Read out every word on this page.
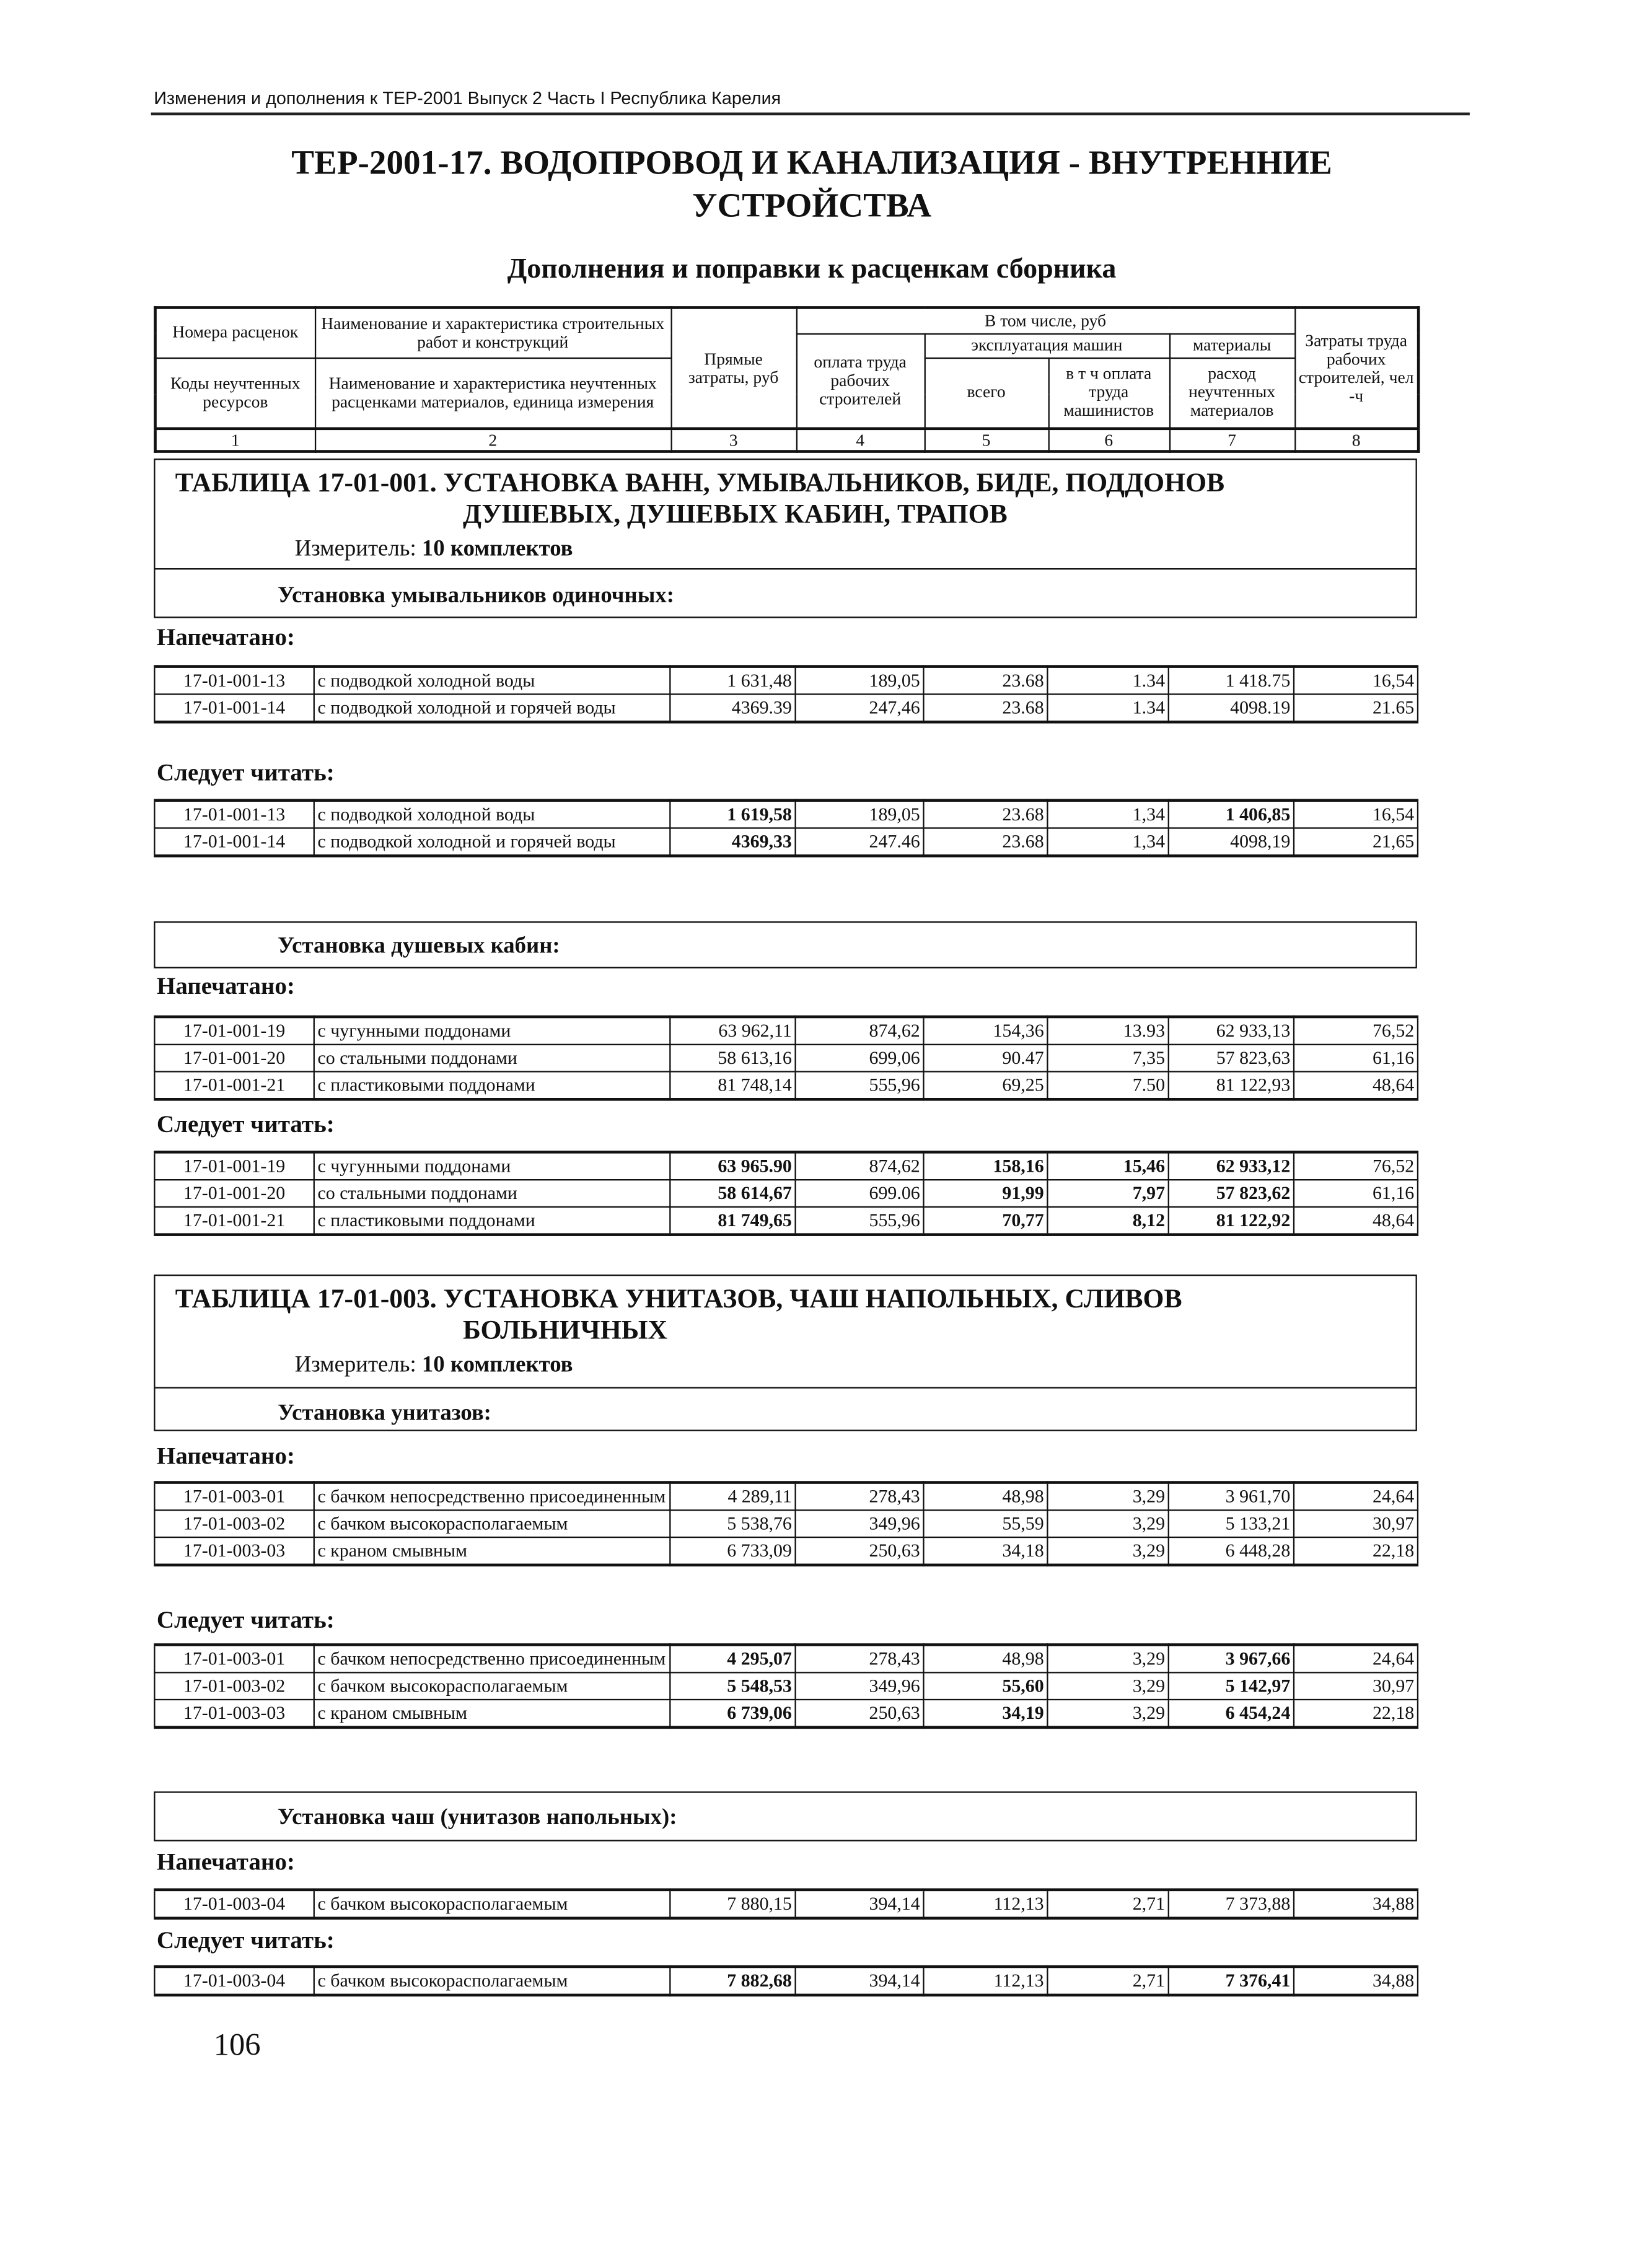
Изменения и дополнения к ТЕР-2001 Выпуск 2 Часть I Республика Карелия
ТЕР-2001-17. ВОДОПРОВОД И КАНАЛИЗАЦИЯ - ВНУТРЕННИЕ
УСТРОЙСТВА
Дополнения и поправки к расценкам сборника
Номера расценок	Наименование и характеристика строительных работ и конструкций	Прямые затраты, руб	В том числе, руб				Затраты труда рабочих строителей, чел -ч
			оплата труда рабочих строителей	эксплуатация машин		материалы	
Коды неучтенных ресурсов	Наименование и характеристика неучтенных расценками материалов, единица измерения			всего	в т ч оплата труда машинистов	расход неучтенных материалов	

1	2	3	4	5	6	7	8
ТАБЛИЦА 17-01-001. УСТАНОВКА ВАНН, УМЫВАЛЬНИКОВ, БИДЕ, ПОДДОНОВ
ДУШЕВЫХ, ДУШЕВЫХ КАБИН, ТРАПОВ
Измеритель: 10 комплектов
Установка умывальников одиночных:
Установка душевых кабин:
ТАБЛИЦА 17-01-003. УСТАНОВКА УНИТАЗОВ, ЧАШ НАПОЛЬНЫХ, СЛИВОВ
БОЛЬНИЧНЫХ
Измеритель: 10 комплектов
Установка унитазов:
Установка чаш (унитазов напольных):
Напечатано:
Следует читать:
Напечатано:
Следует читать:
Напечатано:
Следует читать:
Напечатано:
Следует читать:
17-01-001-13	с подводкой холодной воды	1 631,48	189,05	23.68	1.34	1 418.75	16,54
17-01-001-14	с подводкой холодной и горячей воды	4369.39	247,46	23.68	1.34	4098.19	21.65
17-01-001-13	с подводкой холодной воды	1 619,58	189,05	23.68	1,34	1 406,85	16,54
17-01-001-14	с подводкой холодной и горячей воды	4369,33	247.46	23.68	1,34	4098,19	21,65
17-01-001-19	с чугунными поддонами	63 962,11	874,62	154,36	13.93	62 933,13	76,52
17-01-001-20	со стальными поддонами	58 613,16	699,06	90.47	7,35	57 823,63	61,16
17-01-001-21	с пластиковыми поддонами	81 748,14	555,96	69,25	7.50	81 122,93	48,64
17-01-001-19	с чугунными поддонами	63 965.90	874,62	158,16	15,46	62 933,12	76,52
17-01-001-20	со стальными поддонами	58 614,67	699.06	91,99	7,97	57 823,62	61,16
17-01-001-21	с пластиковыми поддонами	81 749,65	555,96	70,77	8,12	81 122,92	48,64
17-01-003-01	с бачком непосредственно присоединенным	4 289,11	278,43	48,98	3,29	3 961,70	24,64
17-01-003-02	с бачком высокорасполагаемым	5 538,76	349,96	55,59	3,29	5 133,21	30,97
17-01-003-03	с краном смывным	6 733,09	250,63	34,18	3,29	6 448,28	22,18
17-01-003-01	с бачком непосредственно присоединенным	4 295,07	278,43	48,98	3,29	3 967,66	24,64
17-01-003-02	с бачком высокорасполагаемым	5 548,53	349,96	55,60	3,29	5 142,97	30,97
17-01-003-03	с краном смывным	6 739,06	250,63	34,19	3,29	6 454,24	22,18
17-01-003-04	с бачком высокорасполагаемым	7 880,15	394,14	112,13	2,71	7 373,88	34,88
17-01-003-04	с бачком высокорасполагаемым	7 882,68	394,14	112,13	2,71	7 376,41	34,88
106
